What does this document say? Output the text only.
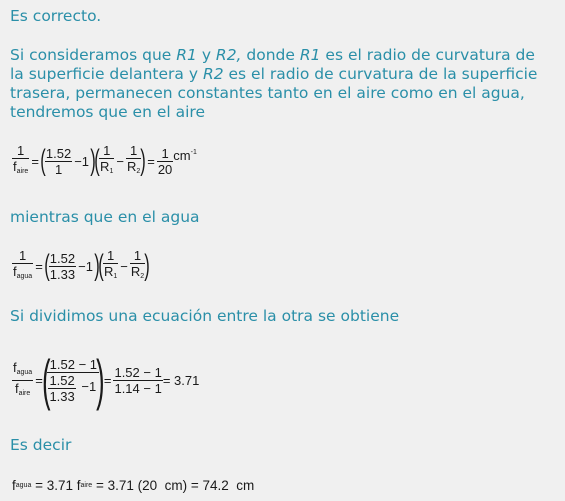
Es correcto.

Si consideramos que R1 y R2, donde R1 es el radio de curvatura de la superficie delantera y R2 es el radio de curvatura de la superficie trasera, permanecen constantes tanto en el aire como en el agua, tendremos que en el aire

$\frac{1}{f_{aire}}$ = ( $\frac{1.52}{1} -1$ )
( $\frac{1}{R_1} - \frac{1}{R_2}$ ) = $\frac{1}{20} cm^{-1}$

mientras que en el agua

$\frac{1}{f_{agua}}$ = ( $\frac{1.52}{1.33} -1$ )
( $\frac{1}{R_1} - \frac{1}{R_2}$ )

Si dividimos una ecuación entre la otra se obtiene

$\frac{f_{agua}}{f_{aire}}$ = (
$\frac{1.52 - 1}{\frac{1.52}{1.33} -1}$
) = $\frac{1.52 - 1}{1.14 - 1} = 3.71$

Es decir

f agua = 3.71 f aire = 3.71 (20  cm) = 74.2  cm
